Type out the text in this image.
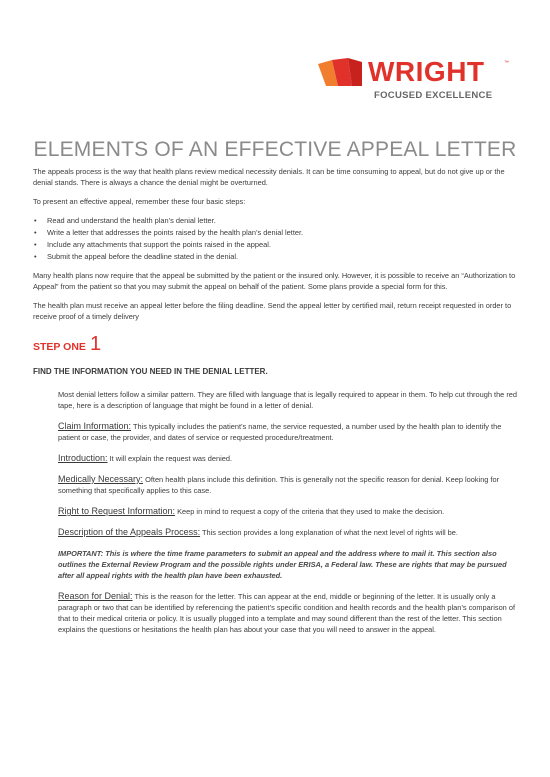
WRIGHT	™
FOCUSED EXCELLENCE
ELEMENTS OF AN EFFECTIVE APPEAL LETTER

The appeals process is the way that health plans review medical necessity denials. It can be time consuming to appeal, but do not give up or the denial stands. There is always a chance the denial might be overturned.

To present an effective appeal, remember these four basic steps:

• Read and understand the health plan’s denial letter.
• Write a letter that addresses the points raised by the health plan’s denial letter.
• Include any attachments that support the points raised in the appeal.
• Submit the appeal before the deadline stated in the denial.

Many health plans now require that the appeal be submitted by the patient or the insured only. However, it is possible to receive an “Authorization to Appeal” from the patient so that you may submit the appeal on behalf of the patient. Some plans provide a special form for this.

The health plan must receive an appeal letter before the filing deadline. Send the appeal letter by certified mail, return receipt requested in order to receive proof of a timely delivery

STEP ONE 1
FIND THE INFORMATION YOU NEED IN THE DENIAL LETTER.

Most denial letters follow a similar pattern. They are filled with language that is legally required to appear in them. To help cut through the red tape, here is a description of language that might be found in a letter of denial.

Claim Information: This typically includes the patient’s name, the service requested, a number used by the health plan to identify the patient or case, the provider, and dates of service or requested procedure/treatment.

Introduction: It will explain the request was denied.

Medically Necessary: Often health plans include this definition. This is generally not the specific reason for denial. Keep looking for something that specifically applies to this case.

Right to Request Information: Keep in mind to request a copy of the criteria that they used to make the decision.

Description of the Appeals Process: This section provides a long explanation of what the next level of rights will be.

IMPORTANT: This is where the time frame parameters to submit an appeal and the address where to mail it. This section also outlines the External Review Program and the possible rights under ERISA, a Federal law. These are rights that may be pursued after all appeal rights with the health plan have been exhausted.

Reason for Denial: This is the reason for the letter. This can appear at the end, middle or beginning of the letter. It is usually only a paragraph or two that can be identified by referencing the patient’s specific condition and health records and the health plan’s comparison of that to their medical criteria or policy. It is usually plugged into a template and may sound different than the rest of the letter. This section explains the questions or hesitations the health plan has about your case that you will need to answer in the appeal.
